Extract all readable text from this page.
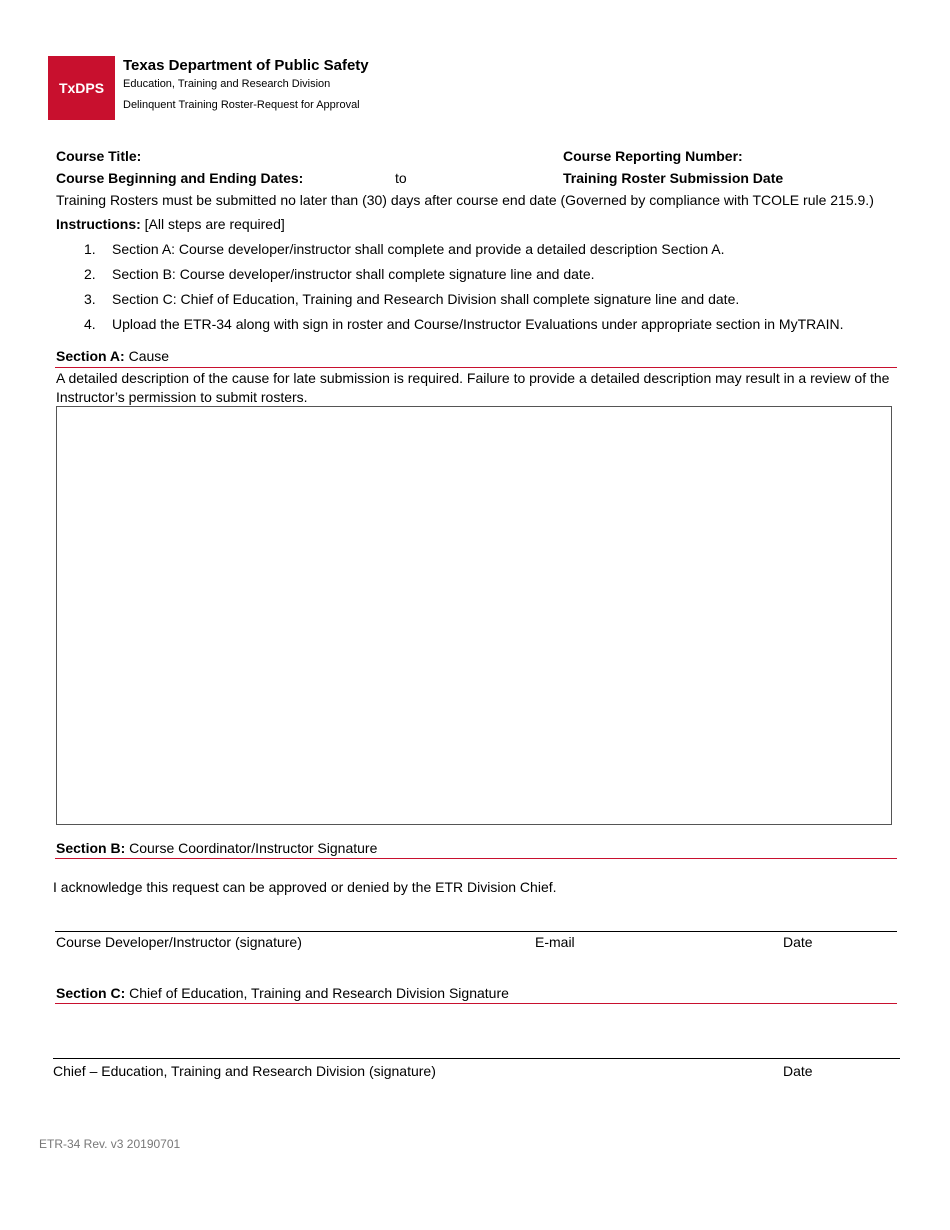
TxDPS
Texas Department of Public Safety
Education, Training and Research Division
Delinquent Training Roster-Request for Approval
Course Title:	Course Reporting Number:
Course Beginning and Ending Dates:	to	Training Roster Submission Date
Training Rosters must be submitted no later than (30) days after course end date (Governed by compliance with TCOLE rule 215.9.)
Instructions: [All steps are required]
1. Section A: Course developer/instructor shall complete and provide a detailed description Section A.
2. Section B: Course developer/instructor shall complete signature line and date.
3. Section C: Chief of Education, Training and Research Division shall complete signature line and date.
4. Upload the ETR-34 along with sign in roster and Course/Instructor Evaluations under appropriate section in MyTRAIN.
Section A: Cause
A detailed description of the cause for late submission is required. Failure to provide a detailed description may result in a review of the Instructor’s permission to submit rosters.
Section B: Course Coordinator/Instructor Signature
I acknowledge this request can be approved or denied by the ETR Division Chief.
Course Developer/Instructor (signature)	E-mail	Date
Section C: Chief of Education, Training and Research Division Signature
Chief – Education, Training and Research Division (signature)	Date
ETR-34 Rev. v3 20190701
